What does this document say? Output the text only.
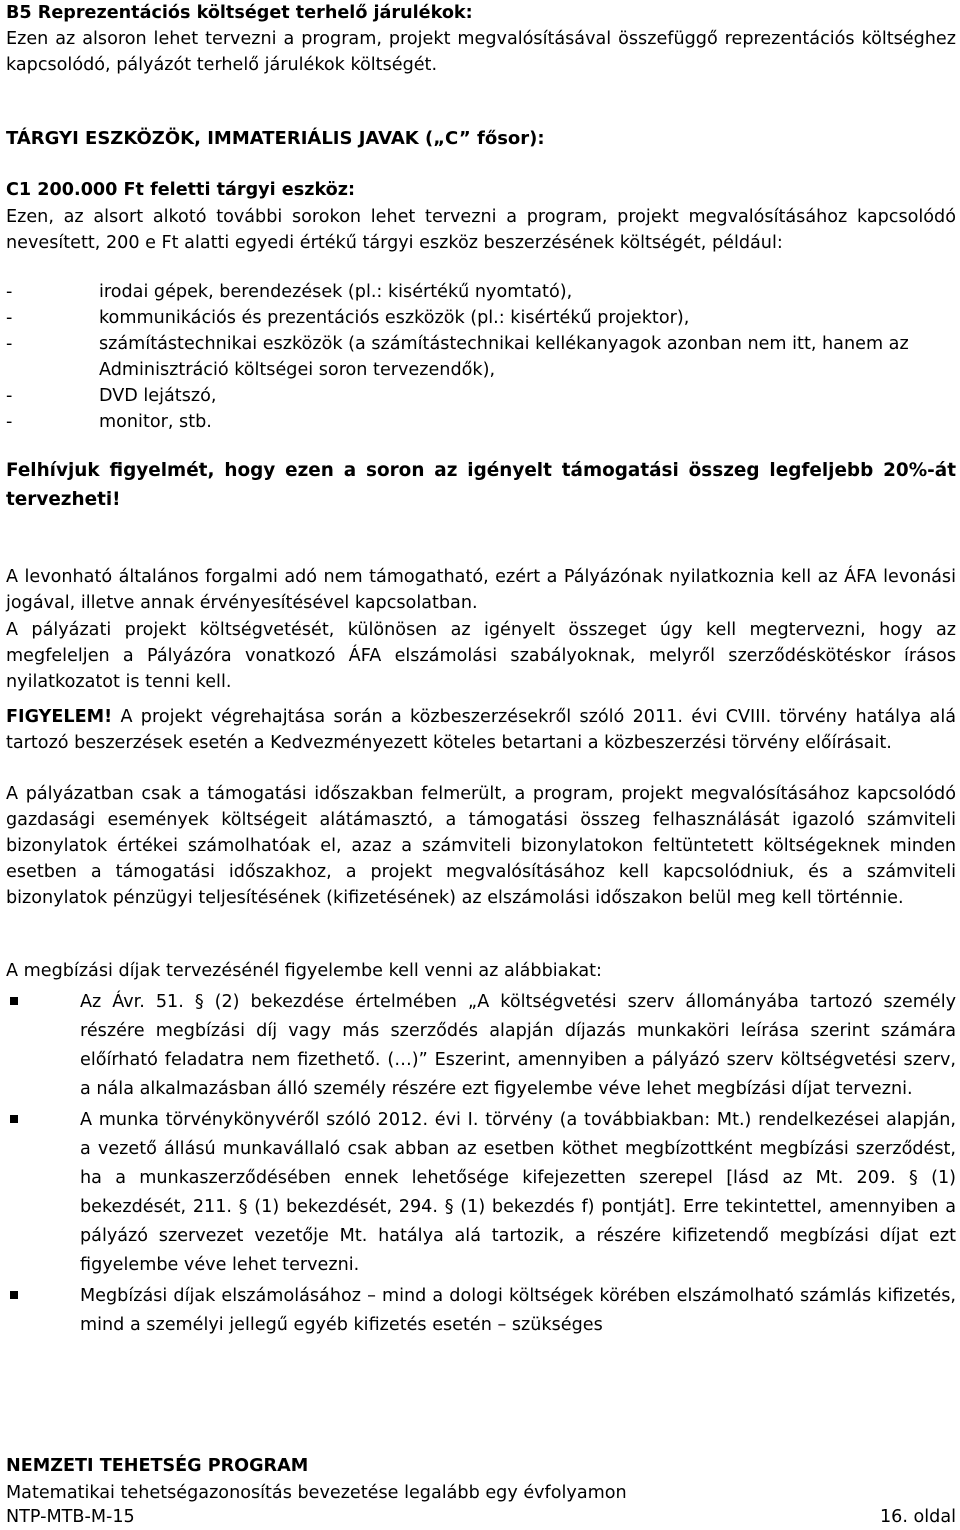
B5 Reprezentációs költséget terhelő járulékok:

Ezen az alsoron lehet tervezni a program, projekt megvalósításával összefüggő reprezentációs költséghez kapcsolódó, pályázót terhelő járulékok költségét.

TÁRGYI ESZKÖZÖK, IMMATERIÁLIS JAVAK („C” fősor):

C1 200.000 Ft feletti tárgyi eszköz:

Ezen, az alsort alkotó további sorokon lehet tervezni a program, projekt megvalósításához kapcsolódó nevesített, 200 e Ft alatti egyedi értékű tárgyi eszköz beszerzésének költségét, például:

-	irodai gépek, berendezések (pl.: kisértékű nyomtató),
-	kommunikációs és prezentációs eszközök (pl.: kisértékű projektor),
-	számítástechnikai eszközök (a számítástechnikai kellékanyagok azonban nem itt, hanem az Adminisztráció költségei soron tervezendők),
-	DVD lejátszó,
-	monitor, stb.

Felhívjuk figyelmét, hogy ezen a soron az igényelt támogatási összeg legfeljebb 20%-át tervezheti!

A levonható általános forgalmi adó nem támogatható, ezért a Pályázónak nyilatkoznia kell az ÁFA levonási jogával, illetve annak érvényesítésével kapcsolatban.

A pályázati projekt költségvetését, különösen az igényelt összeget úgy kell megtervezni, hogy az megfeleljen a Pályázóra vonatkozó ÁFA elszámolási szabályoknak, melyről szerződéskötéskor írásos nyilatkozatot is tenni kell.

FIGYELEM! A projekt végrehajtása során a közbeszerzésekről szóló 2011. évi CVIII. törvény hatálya alá tartozó beszerzések esetén a Kedvezményezett köteles betartani a közbeszerzési törvény előírásait.

A pályázatban csak a támogatási időszakban felmerült, a program, projekt megvalósításához kapcsolódó gazdasági események költségeit alátámasztó, a támogatási összeg felhasználását igazoló számviteli bizonylatok értékei számolhatóak el, azaz a számviteli bizonylatokon feltüntetett költségeknek minden esetben a támogatási időszakhoz, a projekt megvalósításához kell kapcsolódniuk, és a számviteli bizonylatok pénzügyi teljesítésének (kifizetésének) az elszámolási időszakon belül meg kell történnie.

A megbízási díjak tervezésénél figyelembe kell venni az alábbiakat:

Az Ávr. 51. § (2) bekezdése értelmében „A költségvetési szerv állományába tartozó személy részére megbízási díj vagy más szerződés alapján díjazás munkaköri leírása szerint számára előírható feladatra nem fizethető. (…)” Eszerint, amennyiben a pályázó szerv költségvetési szerv, a nála alkalmazásban álló személy részére ezt figyelembe véve lehet megbízási díjat tervezni.
A munka törvénykönyvéről szóló 2012. évi I. törvény (a továbbiakban: Mt.) rendelkezései alapján, a vezető állású munkavállaló csak abban az esetben köthet megbízottként megbízási szerződést, ha a munkaszerződésében ennek lehetősége kifejezetten szerepel [lásd az Mt. 209. § (1) bekezdését, 211. § (1) bekezdését, 294. § (1) bekezdés f) pontját]. Erre tekintettel, amennyiben a pályázó szervezet vezetője Mt. hatálya alá tartozik, a részére kifizetendő megbízási díjat ezt figyelembe véve lehet tervezni.
Megbízási díjak elszámolásához – mind a dologi költségek körében elszámolható számlás kifizetés, mind a személyi jellegű egyéb kifizetés esetén – szükséges

NEMZETI TEHETSÉG PROGRAM

Matematikai tehetségazonosítás bevezetése legalább egy évfolyamon

NTP-MTB-M-15	16. oldal
